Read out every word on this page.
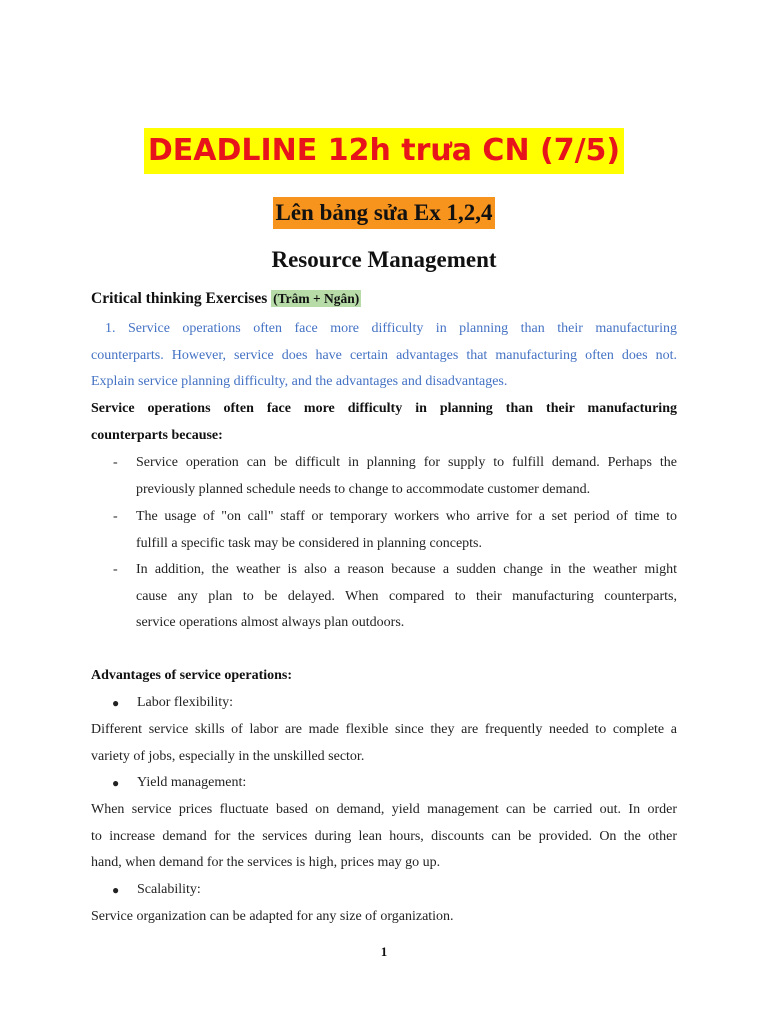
DEADLINE 12h trưa CN (7/5)
Lên bảng sửa Ex 1,2,4
Resource Management
Critical thinking Exercises (Trâm + Ngân)
1. Service operations often face more difficulty in planning than their manufacturing
counterparts. However, service does have certain advantages that manufacturing often does not.
Explain service planning difficulty, and the advantages and disadvantages.
Service operations often face more difficulty in planning than their manufacturing
counterparts because:
- Service operation can be difficult in planning for supply to fulfill demand. Perhaps the
previously planned schedule needs to change to accommodate customer demand.
- The usage of "on call" staff or temporary workers who arrive for a set period of time to
fulfill a specific task may be considered in planning concepts.
- In addition, the weather is also a reason because a sudden change in the weather might
cause any plan to be delayed. When compared to their manufacturing counterparts,
service operations almost always plan outdoors.
Advantages of service operations:
● Labor flexibility:
Different service skills of labor are made flexible since they are frequently needed to complete a
variety of jobs, especially in the unskilled sector.
● Yield management:
When service prices fluctuate based on demand, yield management can be carried out. In order
to increase demand for the services during lean hours, discounts can be provided. On the other
hand, when demand for the services is high, prices may go up.
● Scalability:
Service organization can be adapted for any size of organization.
1
